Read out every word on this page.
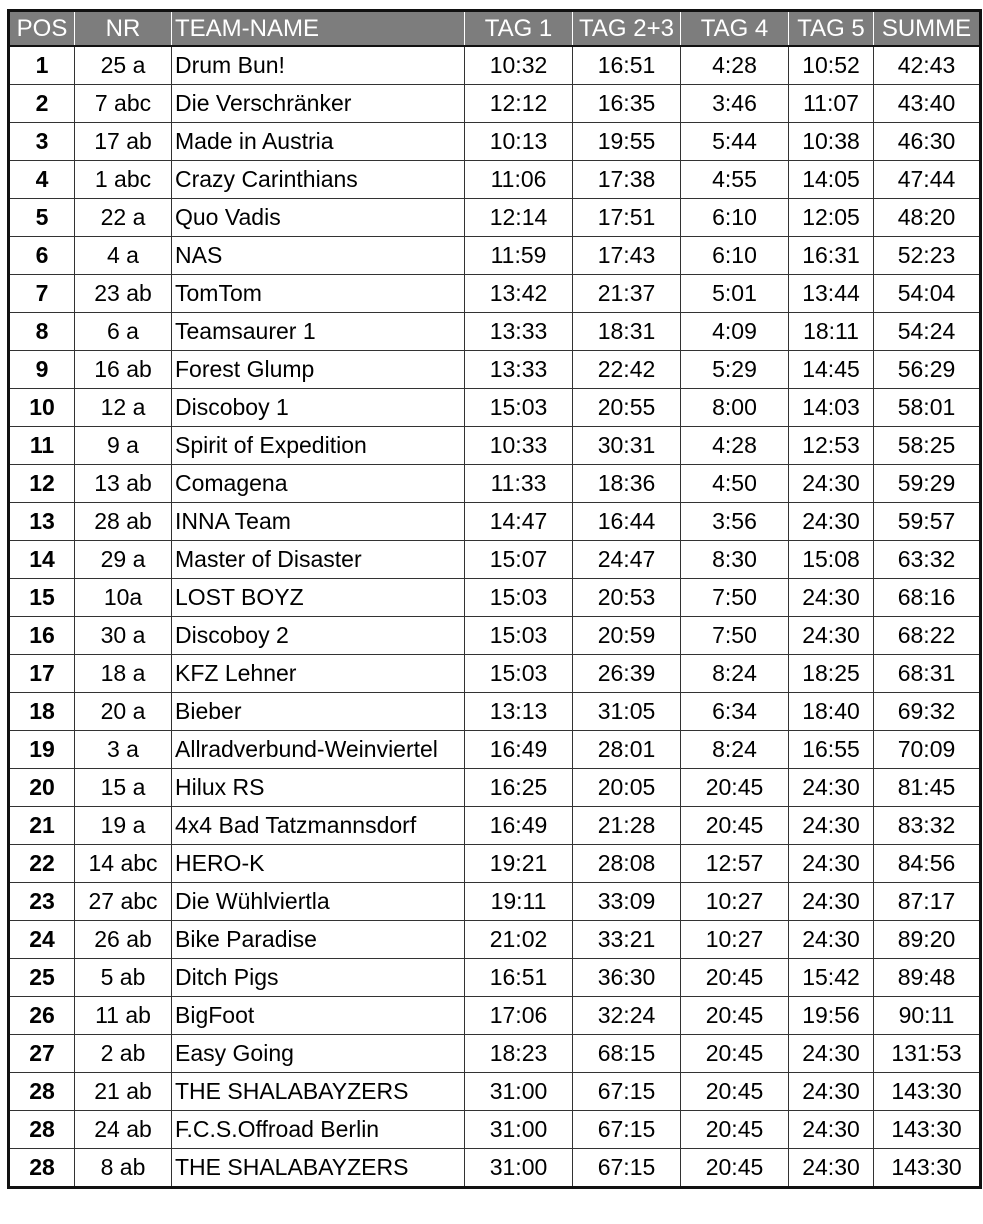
POS	NR	TEAM-NAME	TAG 1	TAG 2+3	TAG 4	TAG 5	SUMME
1	25 a	Drum Bun!	10:32	16:51	4:28	10:52	42:43
2	7 abc	Die Verschränker	12:12	16:35	3:46	11:07	43:40
3	17 ab	Made in Austria	10:13	19:55	5:44	10:38	46:30
4	1 abc	Crazy Carinthians	11:06	17:38	4:55	14:05	47:44
5	22 a	Quo Vadis	12:14	17:51	6:10	12:05	48:20
6	4 a	NAS	11:59	17:43	6:10	16:31	52:23
7	23 ab	TomTom	13:42	21:37	5:01	13:44	54:04
8	6 a	Teamsaurer 1	13:33	18:31	4:09	18:11	54:24
9	16 ab	Forest Glump	13:33	22:42	5:29	14:45	56:29
10	12 a	Discoboy 1	15:03	20:55	8:00	14:03	58:01
11	9 a	Spirit of Expedition	10:33	30:31	4:28	12:53	58:25
12	13 ab	Comagena	11:33	18:36	4:50	24:30	59:29
13	28 ab	INNA Team	14:47	16:44	3:56	24:30	59:57
14	29 a	Master of Disaster	15:07	24:47	8:30	15:08	63:32
15	10a	LOST BOYZ	15:03	20:53	7:50	24:30	68:16
16	30 a	Discoboy 2	15:03	20:59	7:50	24:30	68:22
17	18 a	KFZ Lehner	15:03	26:39	8:24	18:25	68:31
18	20 a	Bieber	13:13	31:05	6:34	18:40	69:32
19	3 a	Allradverbund-Weinviertel	16:49	28:01	8:24	16:55	70:09
20	15 a	Hilux RS	16:25	20:05	20:45	24:30	81:45
21	19 a	4x4 Bad Tatzmannsdorf	16:49	21:28	20:45	24:30	83:32
22	14 abc	HERO-K	19:21	28:08	12:57	24:30	84:56
23	27 abc	Die Wühlviertla	19:11	33:09	10:27	24:30	87:17
24	26 ab	Bike Paradise	21:02	33:21	10:27	24:30	89:20
25	5 ab	Ditch Pigs	16:51	36:30	20:45	15:42	89:48
26	11 ab	BigFoot	17:06	32:24	20:45	19:56	90:11
27	2 ab	Easy Going	18:23	68:15	20:45	24:30	131:53
28	21 ab	THE SHALABAYZERS	31:00	67:15	20:45	24:30	143:30
28	24 ab	F.C.S.Offroad Berlin	31:00	67:15	20:45	24:30	143:30
28	8 ab	THE SHALABAYZERS	31:00	67:15	20:45	24:30	143:30
